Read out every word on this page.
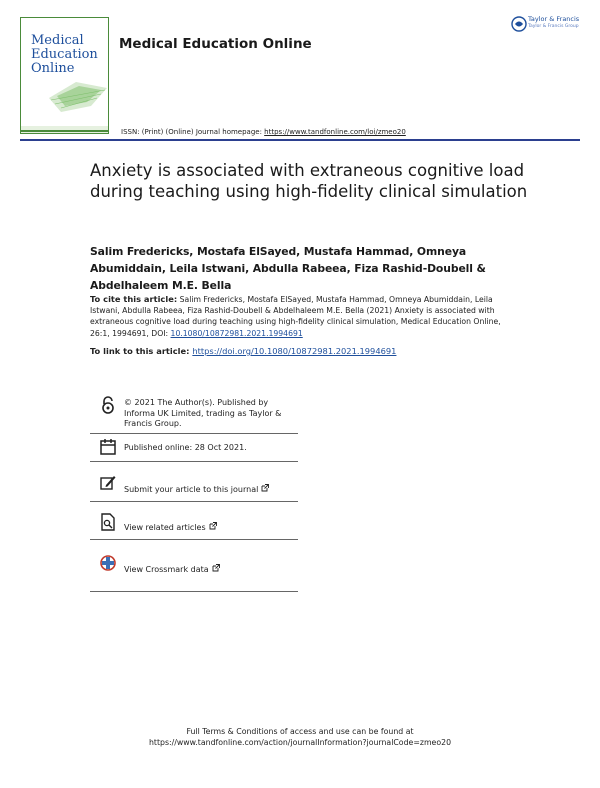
Medical
Education
Online
Medical Education Online
Taylor & Francis
Taylor & Francis Group
ISSN: (Print) (Online) Journal homepage: https://www.tandfonline.com/loi/zmeo20
Anxiety is associated with extraneous cognitive load during teaching using high-fidelity clinical simulation
Salim Fredericks, Mostafa ElSayed, Mustafa Hammad, Omneya Abumiddain, Leila Istwani, Abdulla Rabeea, Fiza Rashid-Doubell & Abdelhaleem M.E. Bella
To cite this article: Salim Fredericks, Mostafa ElSayed, Mustafa Hammad, Omneya Abumiddain, Leila Istwani, Abdulla Rabeea, Fiza Rashid-Doubell & Abdelhaleem M.E. Bella (2021) Anxiety is associated with extraneous cognitive load during teaching using high-fidelity clinical simulation, Medical Education Online, 26:1, 1994691, DOI: 10.1080/10872981.2021.1994691
To link to this article: https://doi.org/10.1080/10872981.2021.1994691
© 2021 The Author(s). Published by Informa UK Limited, trading as Taylor & Francis Group.
Published online: 28 Oct 2021.
Submit your article to this journal
View related articles
View Crossmark data
Full Terms & Conditions of access and use can be found at
https://www.tandfonline.com/action/journalInformation?journalCode=zmeo20
